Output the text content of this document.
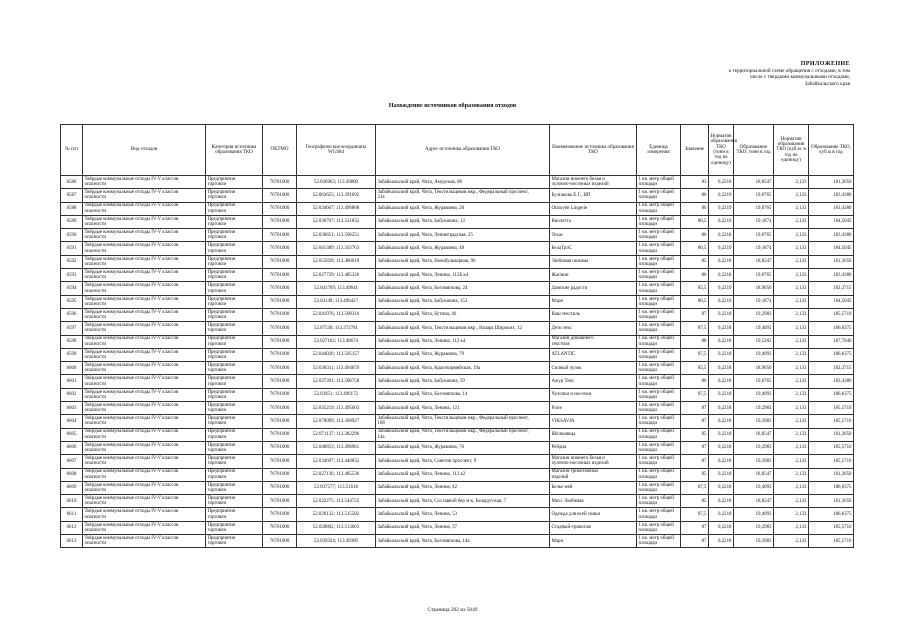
ПРИЛОЖЕНИЕ
к территориальной схеме обращения с отходами, в том
числе с твердыми коммунальными отходами,
Забайкальского края
Нахождение источников образования отходов
№ п/п	Вид отходов	Категория источника образования ТКО	ОКТМО	Географические координаты WGS84	Адрес источника образования ТКО	Наименование источника образования ТКО	Единица измерения	Значение	Норматив образования ТКО (тонн в год на единицу)	Образование ТКО, тонн в год	Норматив образования ТКО (куб.м. в год на единицу)	Образование ТКО, куб.м в год
6586	Твёрдые коммунальные отходы IV-V классов
опасности	Предприятия
торговли	76701000	52.036963; 113.49800	Забайкальский край, Чита, Амурская, 88	Магазин нижнего белья и
чулочно-носочных изделий	1 кв. метр общей
площади	83	0,2218	18,8547	2,133	181,3050
6587	Твёрдые коммунальные отходы IV-V классов
опасности	Предприятия
торговли	76701000	52.063655; 113.391692	Забайкальский край, Чита, Текстильщиков мкр., Федеральный проспект,
21а	Булгакова Е.Г., ИП	1 кв. метр общей
площади	86	0,2219	19,0765	2,133	183,4380
6588	Твёрдые коммунальные отходы IV-V классов
опасности	Предприятия
торговли	76701000	52.034667; 113.496868	Забайкальский край, Чита, Журавлева, 20	Olatoyde Lingerie	1 кв. метр общей
площади	86	0,2219	19,0765	2,133	183,4380
6589	Твёрдые коммунальные отходы IV-V классов
опасности	Предприятия
торговли	76701000	52.030707; 113.521832	Забайкальский край, Чита, Бабушкина, 13	Виолетта	1 кв. метр общей
площади	86,5	0,2219	19,1874	2,133	184,5045
6590	Твёрдые коммунальные отходы IV-V классов
опасности	Предприятия
торговли	76701000	52.036851; 113.506251	Забайкальский край, Чита, Ленинградская, 25	Техас	1 кв. метр общей
площади	86	0,2218	19,0765	2,133	183,4380
6591	Твёрдые коммунальные отходы IV-V классов
опасности	Предприятия
торговли	76701000	52.041389; 113.503763	Забайкальский край, Чита, Журавлева, 48	БелаТрэС	1 кв. метр общей
площади	86,5	0,2219	19,1874	2,133	184,5045
6592	Твёрдые коммунальные отходы IV-V классов
опасности	Предприятия
торговли	76701000	52.055839; 113.480619	Забайкальский край, Чита, Новобульварная, 96	Любимая пижама	1 кв. метр общей
площади	85	0,2218	18,8547	2,133	181,3050
6593	Твёрдые коммунальные отходы IV-V классов
опасности	Предприятия
торговли	76701000	52.027739; 113.485326	Забайкальский край, Чита, Ленина, 112Б к4	Жасмин	1 кв. метр общей
площади	86	0,2218	19,0765	2,133	183,4380
6594	Твёрдые коммунальные отходы IV-V классов
опасности	Предприятия
торговли	76701000	52.041709; 113.49641	Забайкальский край, Чита, Богомягкова, 24	Дамские радости	1 кв. метр общей
площади	85,5	0,2219	18,9656	2,133	182,3715
6595	Твёрдые коммунальные отходы IV-V классов
опасности	Предприятия
торговли	76701000	52.04149; 113.496427	Забайкальский край, Чита, Бабушкина, 153	Мэри	1 кв. метр общей
площади	86,5	0,2219	19,1874	2,133	184,5045
6596	Твёрдые коммунальные отходы IV-V классов
опасности	Предприятия
торговли	76701000	52.041976; 113.508316	Забайкальский край, Чита, Бутина, 46	Ваш текстиль	1 кв. метр общей
площади	87	0,2218	19,2983	2,133	185,5710
6597	Твёрдые коммунальные отходы IV-V классов
опасности	Предприятия
торговли	76701000	52.07536; 113.372781	Забайкальский край, Чита, Текстильщиков мкр., Назара Широких, 12	Дети текс	1 кв. метр общей
площади	87,5	0,2218	19,4093	2,133	186,6375
6598	Твёрдые коммунальные отходы IV-V классов
опасности	Предприятия
торговли	76701000	52.027162; 113.48674	Забайкальский край, Чита, Ленина, 112 к4	Магазин домашнего
текстиля	1 кв. метр общей
площади	88	0,2218	19,5202	2,133	187,7040
6599	Твёрдые коммунальные отходы IV-V классов
опасности	Предприятия
торговли	76701000	52.044026; 113.505157	Забайкальский край, Чита, Журавлева, 79	ATLANTIC	1 кв. метр общей
площади	87,5	0,2218	19,4093	2,133	186,6375
6600	Твёрдые коммунальные отходы IV-V классов
опасности	Предприятия
торговли	76701000	52.038311; 113.494659	Забайкальский край, Чита, Красноармейская, 19а	Cилный чулок	1 кв. метр общей
площади	85,5	0,2218	18,9656	2,133	182,3715
6601	Твёрдые коммунальные отходы IV-V классов
опасности	Предприятия
торговли	76701000	52.037391; 113.506758	Забайкальский край, Чита, Бабушкина, 59	Ажур Текс	1 кв. метр общей
площади	86	0,2218	19,0765	2,133	183,4380
6602	Твёрдые коммунальные отходы IV-V классов
опасности	Предприятия
торговли	76701000	52.03951; 113.496172	Забайкальский край, Чита, Богомягкова, 14	Чулочки и носочки	1 кв. метр общей
площади	87,5	0,2218	19,4093	2,133	186,6375
6603	Твёрдые коммунальные отходы IV-V классов
опасности	Предприятия
торговли	76701000	52.035219; 113.495603	Забайкальский край, Чита, Ленина, 121	Fiore	1 кв. метр общей
площади	87	0,2218	19,2983	2,133	185,5710
6604	Твёрдые коммунальные отходы IV-V классов
опасности	Предприятия
торговли	76701000	52.070099; 113.368927	Забайкальский край, Чита, Текстильщиков мкр., Федеральный проспект,
16б	VIKSAVIA	1 кв. метр общей
площади	87	0,2218	19,2983	2,133	185,5710
6605	Твёрдые коммунальные отходы IV-V классов
опасности	Предприятия
торговли	76701000	52.071137; 113.382296	Забайкальский край, Чита, Текстильщиков мкр., Федеральный проспект,
14а	Шелковица	1 кв. метр общей
площади	85	0,2218	18,8547	2,133	181,3050
6606	Твёрдые коммунальные отходы IV-V классов
опасности	Предприятия
торговли	76701000	52.046853; 113.496961	Забайкальский край, Чита, Журавлева, 76	Рейдиа	1 кв. метр общей
площади	87	0,2218	19,2983	2,133	185,5710
6607	Твёрдые коммунальные отходы IV-V классов
опасности	Предприятия
торговли	76701000	52.034697; 113.440832	Забайкальский край, Чита, Советов проспект, 9	Магазин нижнего белья и
чулочно-носочных изделий	1 кв. метр общей
площади	87	0,2218	19,2983	2,133	185,5710
6608	Твёрдые коммунальные отходы IV-V классов
опасности	Предприятия
торговли	76701000	52.027136; 113.485536	Забайкальский край, Чита, Ленина, 112 к2	Магазин трикотажных
изделий	1 кв. метр общей
площади	85	0,2218	18,8547	2,133	181,3050
6609	Твёрдые коммунальные отходы IV-V классов
опасности	Предприятия
торговли	76701000	52.037577; 113.51618	Забайкальский край, Чита, Ленина, 42	Белье мей	1 кв. метр общей
площади	87,5	0,2218	19,4093	2,133	186,6375
6610	Твёрдые коммунальные отходы IV-V классов
опасности	Предприятия
торговли	76701000	52.022275; 113.544725	Забайкальский край, Чита, Составной бер м-к, Беларусская, 7	Мисс Любимая	1 кв. метр общей
площади	85	0,2218	18,8547	2,133	181,3050
6611	Твёрдые коммунальные отходы IV-V классов
опасности	Предприятия
торговли	76701000	52.026132; 113.515582	Забайкальский край, Чита, Ленина, 53	Одежда для всей семьи	1 кв. метр общей
площади	87,5	0,2218	19,4093	2,133	186,6375
6612	Твёрдые коммунальные отходы IV-V классов
опасности	Предприятия
торговли	76701000	52.028802; 113.513663	Забайкальский край, Чита, Ленина, 37	Стадный-трикотаж	1 кв. метр общей
площади	87	0,2218	19,2983	2,133	185,5710
6613	Твёрдые коммунальные отходы IV-V классов
опасности	Предприятия
торговли	76701000	52.039324; 113.49389	Забайкальский край, Чита, Богомягкова, 14а	Мари	1 кв. метр общей
площади	87	0,2218	19,2983	2,133	185,5710
Страница 202 из 5049
